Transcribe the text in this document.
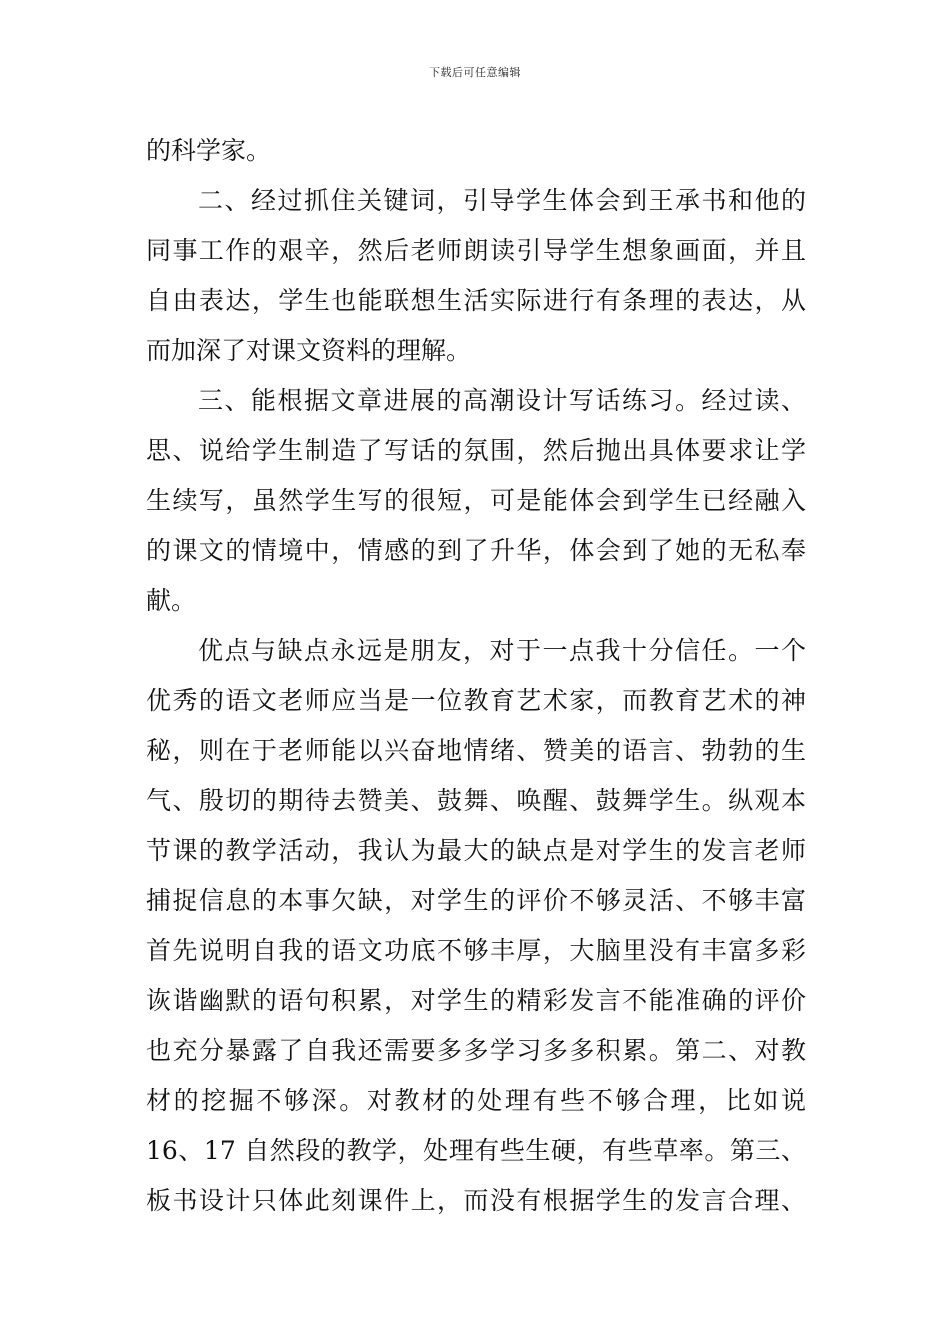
下载后可任意编辑
的科学家。
二、经过抓住关键词，引导学生体会到王承书和他的
同事工作的艰辛，然后老师朗读引导学生想象画面，并且
自由表达，学生也能联想生活实际进行有条理的表达，从
而加深了对课文资料的理解。
三、能根据文章进展的高潮设计写话练习。经过读、
思、说给学生制造了写话的氛围，然后抛出具体要求让学
生续写，虽然学生写的很短，可是能体会到学生已经融入
的课文的情境中，情感的到了升华，体会到了她的无私奉
献。
优点与缺点永远是朋友，对于一点我十分信任。一个
优秀的语文老师应当是一位教育艺术家，而教育艺术的神
秘，则在于老师能以兴奋地情绪、赞美的语言、勃勃的生
气、殷切的期待去赞美、鼓舞、唤醒、鼓舞学生。纵观本
节课的教学活动，我认为最大的缺点是对学生的发言老师
捕捉信息的本事欠缺，对学生的评价不够灵活、不够丰富
首先说明自我的语文功底不够丰厚，大脑里没有丰富多彩
诙谐幽默的语句积累，对学生的精彩发言不能准确的评价
也充分暴露了自我还需要多多学习多多积累。第二、对教
材的挖掘不够深。对教材的处理有些不够合理，比如说
16、17 自然段的教学，处理有些生硬，有些草率。第三、
板书设计只体此刻课件上，而没有根据学生的发言合理、
